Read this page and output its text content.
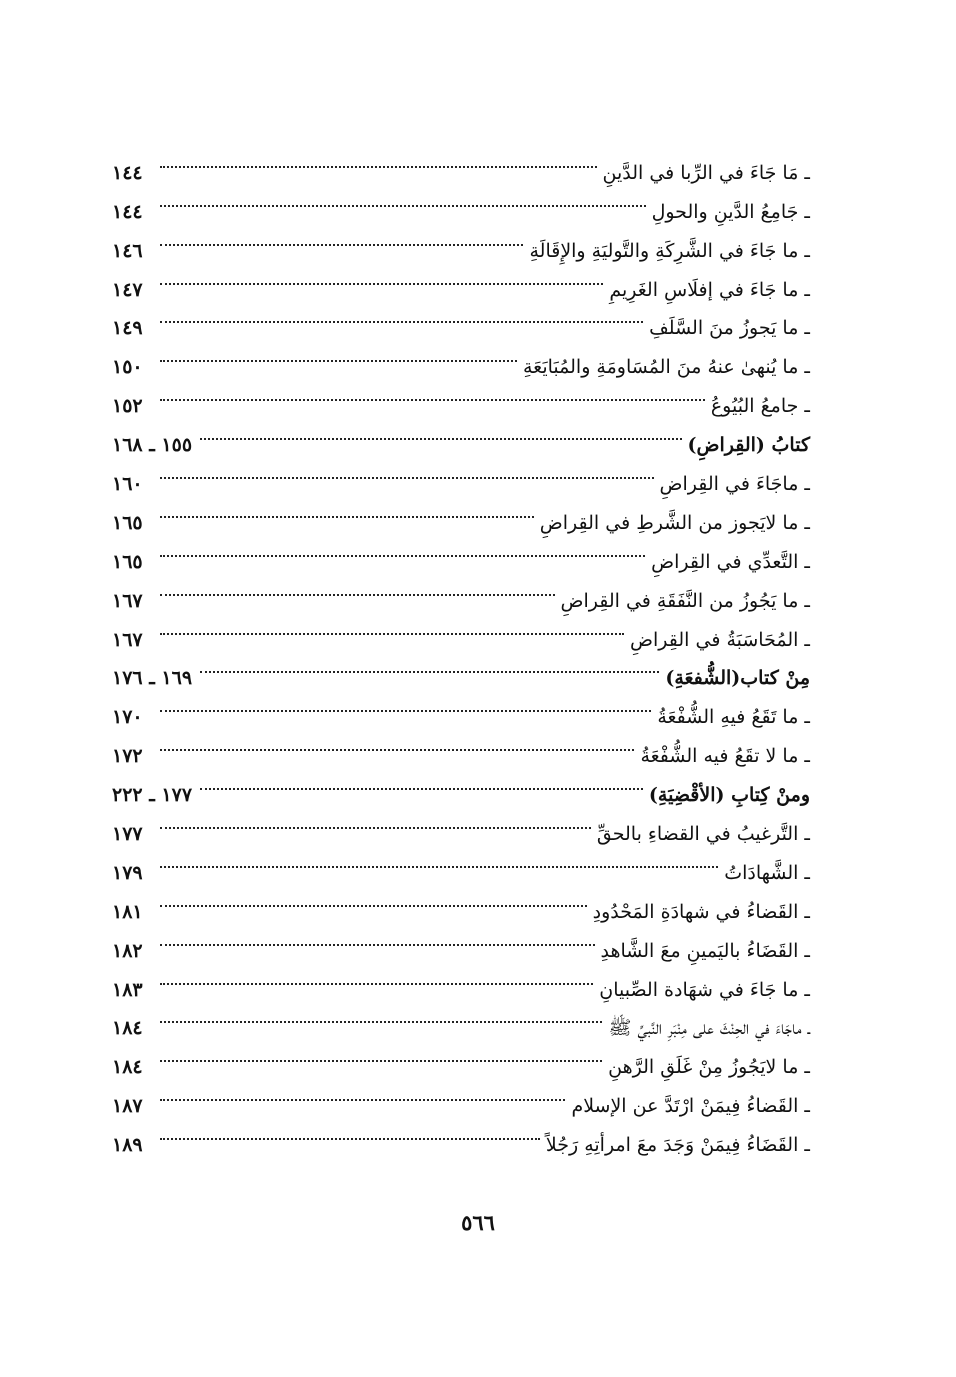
ـ مَا جَاءَ في الرِّبا في الدَّينِ
١٤٤
ـ جَامِعُ الدَّينِ والحولِ
١٤٤
ـ ما جَاءَ في الشَّرِكَةِ والتَّوليَةِ والإِقَالَةِ
١٤٦
ـ ما جَاءَ في إفلَاسِ الغَرِيمِ
١٤٧
ـ ما يَجوزُ منَ السَّلَفِ
١٤٩
ـ ما يُنهىٰ عنهُ منَ المُسَاومَةِ والمُبَايَعَةِ
١٥٠
ـ جامعُ البُيُوعُ
١٥٢
كتابُ (القِراضِ)
١٥٥ ـ ١٦٨
ـ ماجَاءَ في القِراضِ
١٦٠
ـ ما لايَجوز من الشَّرطِ في القِراضِ
١٦٥
ـ التَّعدِّي في القِراضِ
١٦٥
ـ ما يَجُوزُ من النَّفَقَةِ في القِراضِ
١٦٧
ـ المُحَاسَبَةُ في القِراضِ
١٦٧
مِنْ كتاب(الشُّفعَةِ)
١٦٩ ـ ١٧٦
ـ ما تَقَعُ فيهِ الشُّفْعَةُ
١٧٠
ـ ما لا تقَعُ فيه الشُّفْعَةُ
١٧٢
ومنْ كِتابِ (الأقْضِيَةِ)
١٧٧ ـ ٢٢٢
ـ التَّرغيبُ في القضاءِ بالحقِّ
١٧٧
ـ الشَّهادَاتُ
١٧٩
ـ القَضاءُ في شهادَةِ المَحْدُودِ
١٨١
ـ القَضَاءُ باليَمينِ معَ الشَّاهدِ
١٨٢
ـ ما جَاءَ في شهَادة الصِّبيانِ
١٨٣
ـ ماجَاءَ في الحِنْثَ على مِنْبَرِ النَّبيِّ ﷺ
١٨٤
ـ ما لايَجُوزُ مِنْ غَلَقِ الرَّهنِ
١٨٤
ـ القَضاءُ فِيمَنْ ارْتَدَّ عن الإسلام
١٨٧
ـ القَضَاءُ فِيمَنْ وَجَدَ معَ امرأتِهِ رَجُلاً
١٨٩
٥٦٦
